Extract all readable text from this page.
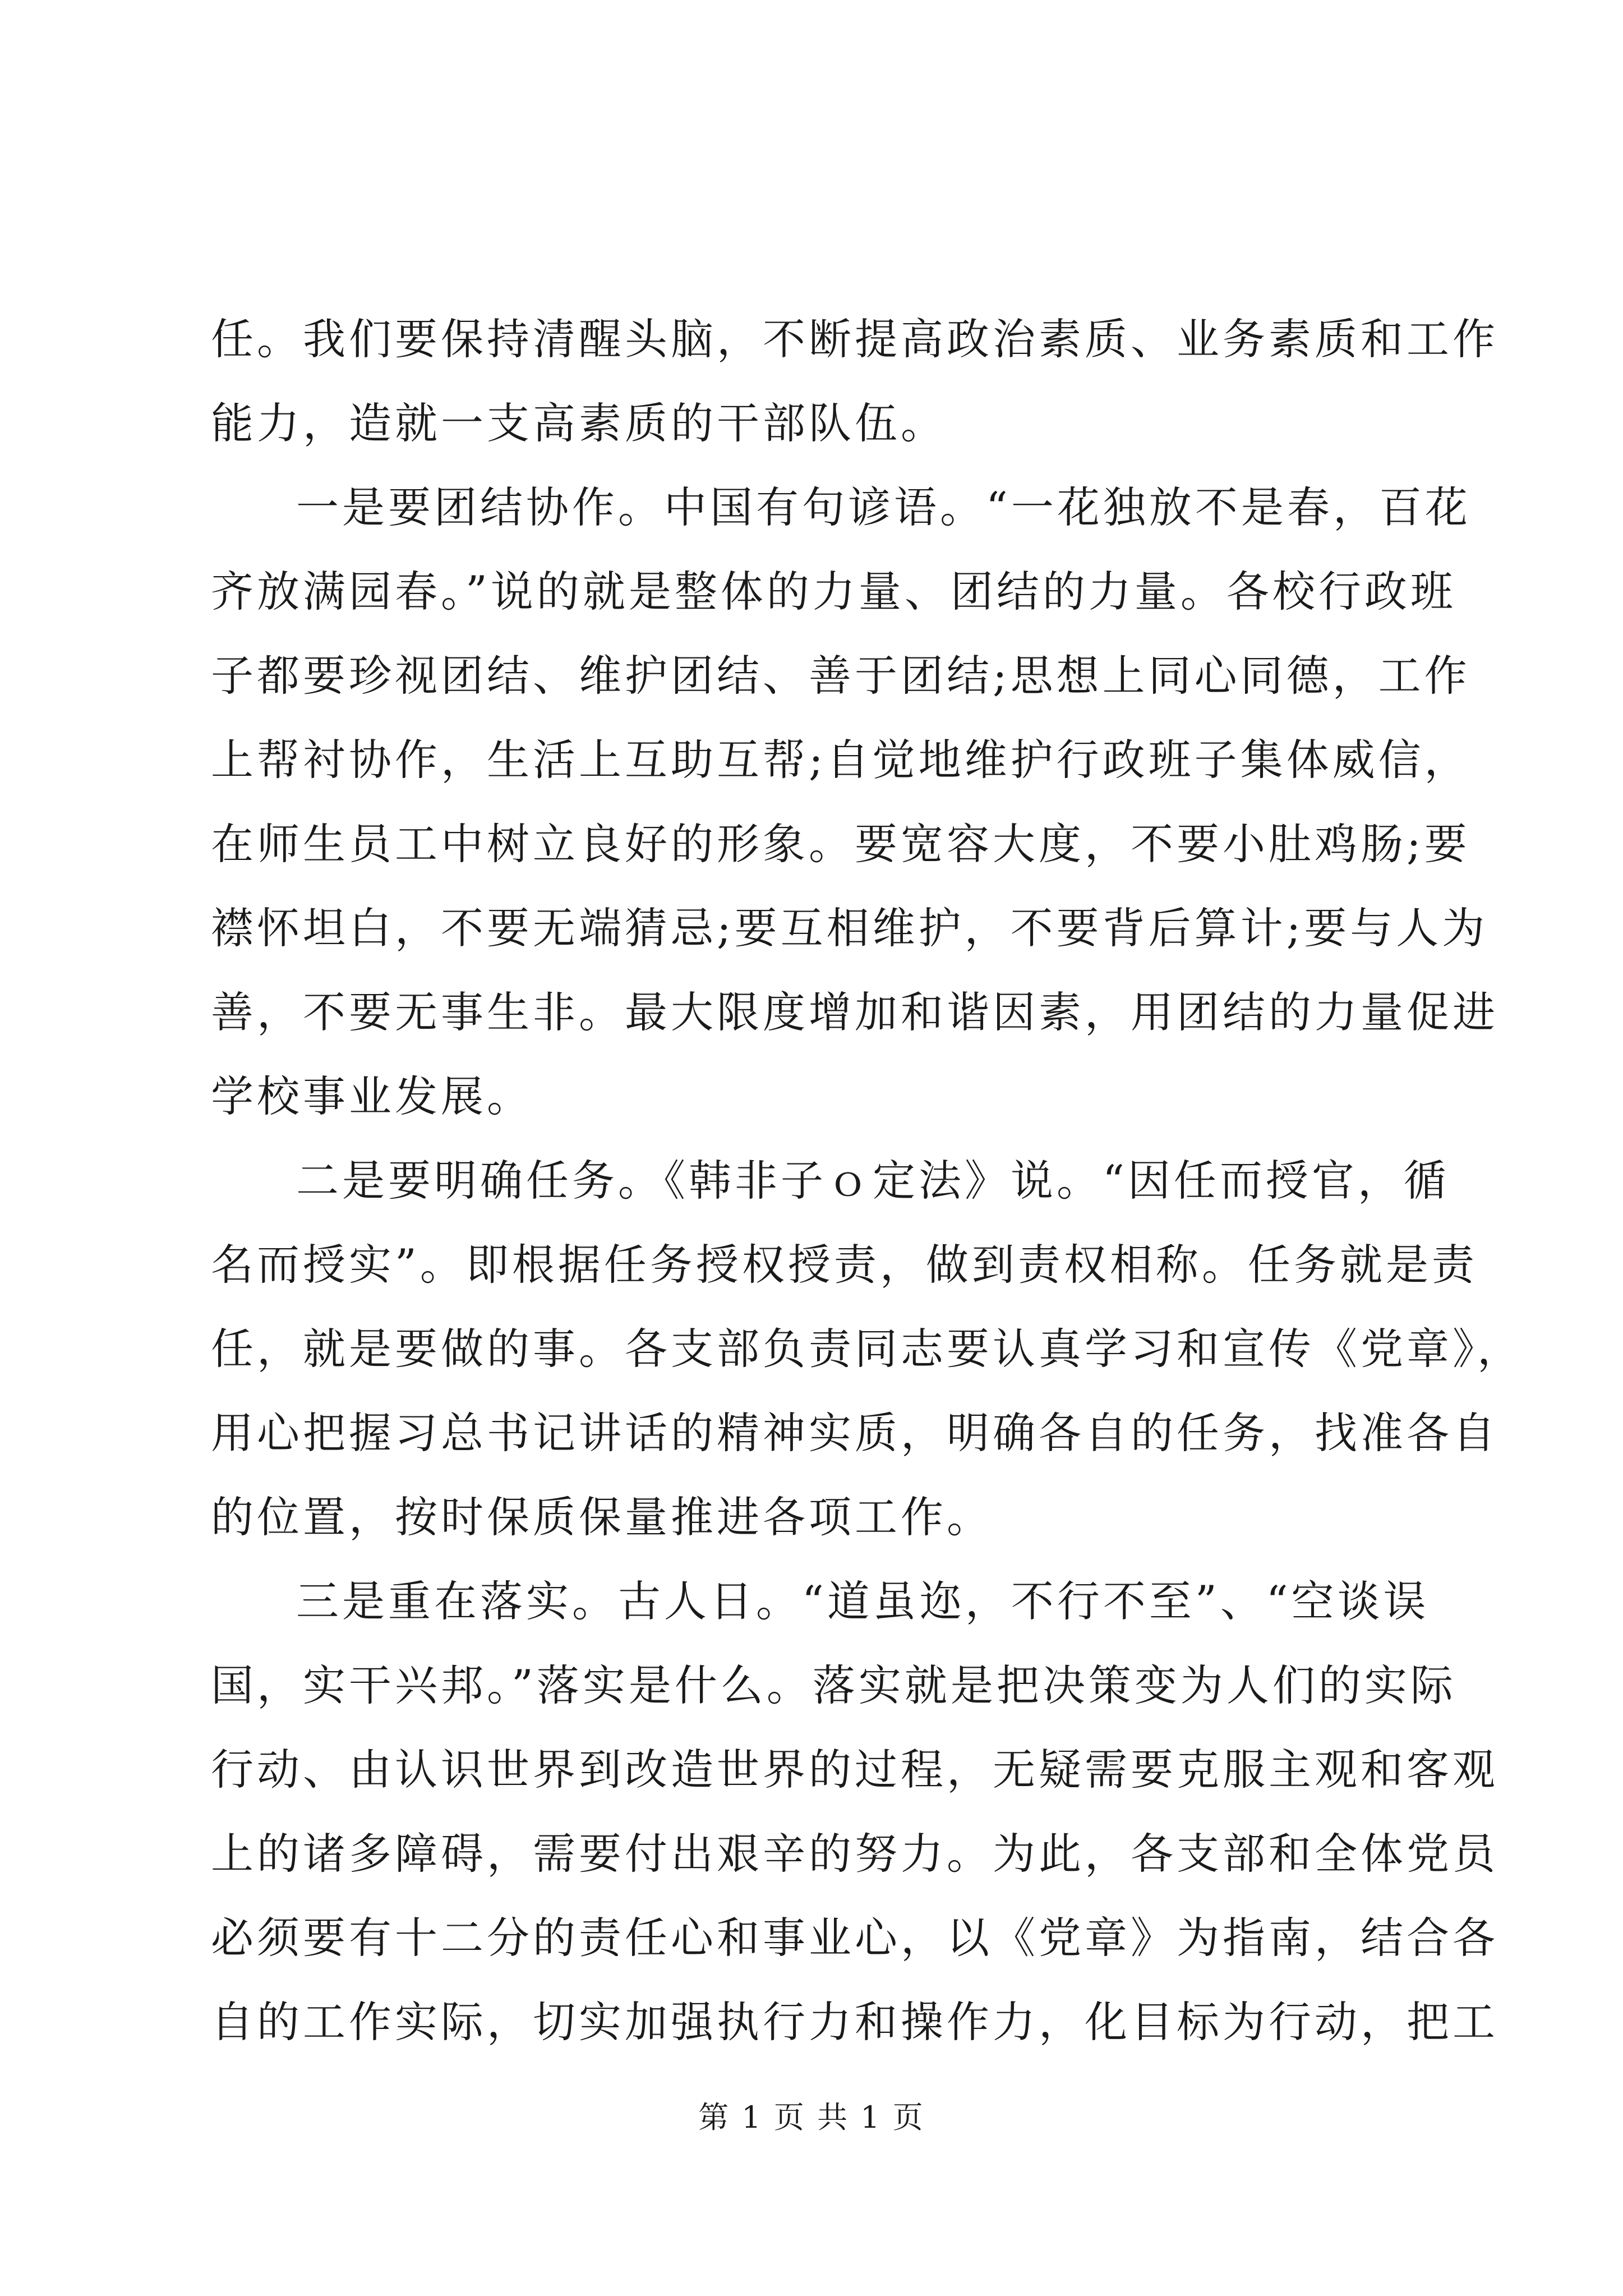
任。我们要保持清醒头脑，不断提高政治素质、业务素质和工作
能力，造就一支高素质的干部队伍。
一是要团结协作。中国有句谚语。“一花独放不是春，百花
齐放满园春。”说的就是整体的力量、团结的力量。各校行政班
子都要珍视团结、维护团结、善于团结;思想上同心同德，工作
上帮衬协作，生活上互助互帮;自觉地维护行政班子集体威信，
在师生员工中树立良好的形象。要宽容大度，不要小肚鸡肠;要
襟怀坦白，不要无端猜忌;要互相维护，不要背后算计;要与人为
善，不要无事生非。最大限度增加和谐因素，用团结的力量促进
学校事业发展。
二是要明确任务。《韩非子ｏ定法》说。“因任而授官，循
名而授实”。即根据任务授权授责，做到责权相称。任务就是责
任，就是要做的事。各支部负责同志要认真学习和宣传《党章》，
用心把握习总书记讲话的精神实质，明确各自的任务，找准各自
的位置，按时保质保量推进各项工作。
三是重在落实。古人日。“道虽迩，不行不至”、“空谈误
国，实干兴邦。”落实是什么。落实就是把决策变为人们的实际
行动、由认识世界到改造世界的过程，无疑需要克服主观和客观
上的诸多障碍，需要付出艰辛的努力。为此，各支部和全体党员
必须要有十二分的责任心和事业心，以《党章》为指南，结合各
自的工作实际，切实加强执行力和操作力，化目标为行动，把工
第 1 页 共 1 页
